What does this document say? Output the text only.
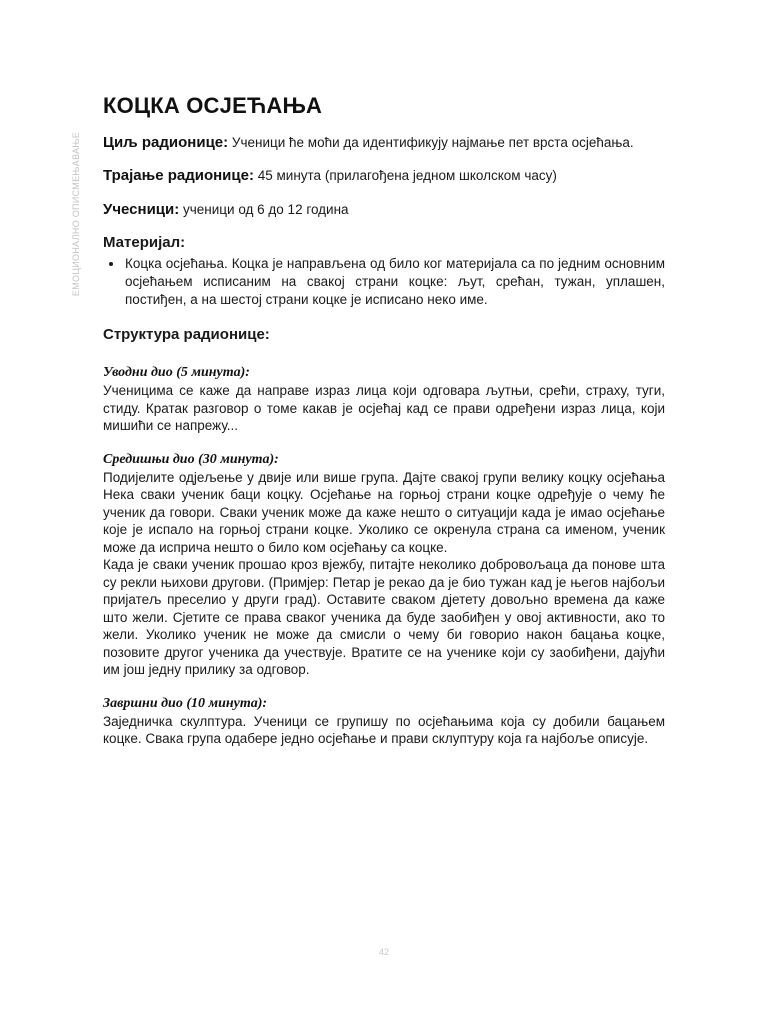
ЕМОЦИОНАЛНО ОПИСМЕЊАВАЊЕ
КОЦКА ОСЈЕЋАЊА

Циљ радионице: Ученици ће моћи да идентификују најмање пет врста осјећања.

Трајање радионице: 45 минута (прилагођена једном школском часу)

Учесници: ученици од 6 до 12 година

Материјал:
• Коцка осјећања. Коцка је направљена од било ког материјала са по једним основним осјећањем исписаним на свакој страни коцке: љут, срећан, тужан, уплашен, постиђен, а на шестој страни коцке је исписано неко име.
Структура радионице:
Уводни дио (5 минута):

Ученицима се каже да направе израз лица који одговара љутњи, срећи, страху, туги, стиду. Кратак разговор о томе какав је осјећај кад се прави одређени израз лица, који мишићи се напрежу...

Средишњи дио (30 минута):

Подијелите одјељење у двије или више група. Дајте свакој групи велику коцку осјећања Нека сваки ученик баци коцку. Осјећање на горњој страни коцке одређује о чему ће ученик да говори. Сваки ученик може да каже нешто о ситуацији када је имао осјећање које је испало на горњој страни коцке. Уколико се окренула страна са именом, ученик може да исприча нешто о било ком осјећању са коцке.

Када је сваки ученик прошао кроз вјежбу, питајте неколико добровољаца да понове шта су рекли њихови другови. (Примјер: Петар је рекао да је био тужан кад је његов најбољи пријатељ преселио у други град). Оставите сваком дјетету довољно времена да каже што жели. Сјетите се права сваког ученика да буде заобиђен у овој активности, ако то жели. Уколико ученик не може да смисли о чему би говорио након бацања коцке, позовите другог ученика да учествује. Вратите се на ученике који су заобиђени, дајући им још једну прилику за одговор.

Завршни дио (10 минута):

Заједничка скулптура. Ученици се групишу по осјећањима која су добили бацањем коцке. Свака група одабере једно осјећање и прави склуптуру која га најбоље описује.

42
